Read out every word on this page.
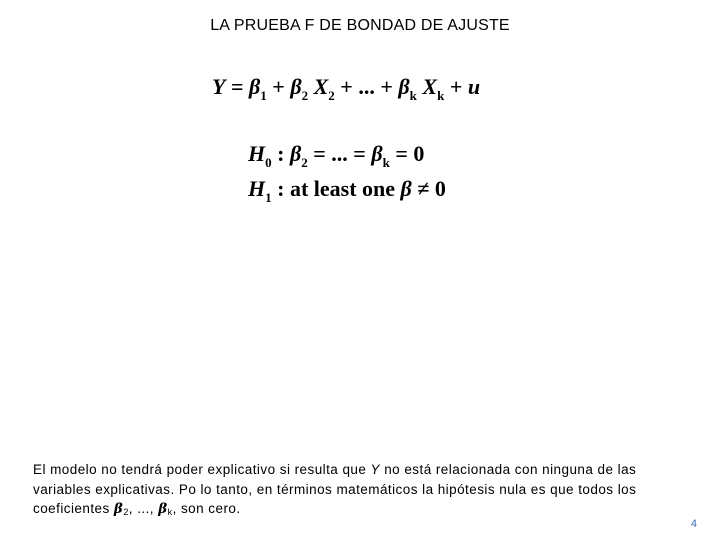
LA PRUEBA F DE BONDAD DE AJUSTE
$Y = \beta_1 + \beta_2$ $X_2$ + ... + $\beta_k$ $X_k + u$
$H_0$ : $\beta_2$ = ... = $\beta_k = 0$
$H_1$ : at least one β ≠ 0
El modelo no tendrá poder explicativo si resulta que Y no está relacionada con ninguna de las variables explicativas. Po lo tanto, en términos matemáticos la hipótesis nula es que todos los coeficientes $\beta_2$, ..., $\beta_k$, son cero.
4
